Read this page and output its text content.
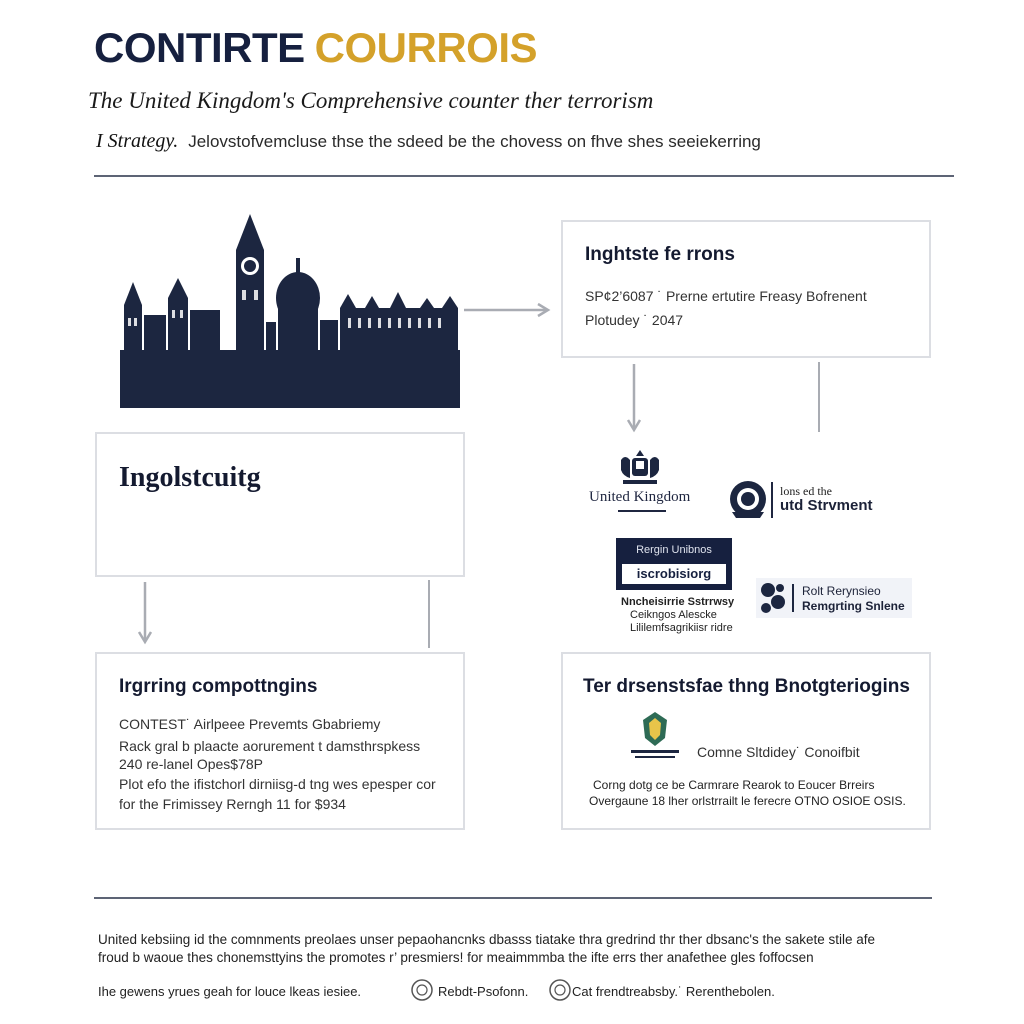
CONTIRTE COURROIS
The United Kingdom's Comprehensive counter ther terrorism
I Strategy. Jelovstofvemcluse thse the sdeed be the chovess on fhve shes seeiekerring
Inghtste fe rrons
SP¢2’6087 ˙ Prerne ertutire Freasy Bofrenent
Plotudey ˙ 2047
Ingolstcuitg
United Kingdom	lons ed the
utd Strvment
Rergin Unibnos
iscrobisiorg
Nncheisirrie Sstrrwsy
Ceikngos Alescke
Lililemfsagrikiisr ridre
Rolt Rerynsieo
Remgrting Snlene
Irgrring compottngins
CONTEST˙ Airlpeee Prevemts Gbabriemy
Rack gral b plaacte aorurement t damsthrspkess
240 re-lanel Opes$78P
Plot efo the ifistchorl dirniisg-d tng wes epesper cor
for the Frimissey Rerngh 11 for $934
Ter drsenstsfae thng Bnotgteriogins
Comne Sltdidey˙ Conoifbit
Corng dotg ce be Carmrare Rearok to Eoucer Brreirs
Overgaune 18 lher orlstrrailt le ferecre OTNO OSIOE OSIS.
United kebsiing id the comnments preolaes unser pepaohancnks dbasss tiatake thra gredrind thr ther dbsanc's the sakete stile afe
froud b waoue thes chonemsttyins the promotes r’ presmiers! for meaimmmba the ifte errs ther anafethee gles foffocsen
Ihe gewens yrues geah for louce lkeas iesiee.	Rebdt-Psofonn.	Cat frendtreabsby.˙ Rerenthebolen.
